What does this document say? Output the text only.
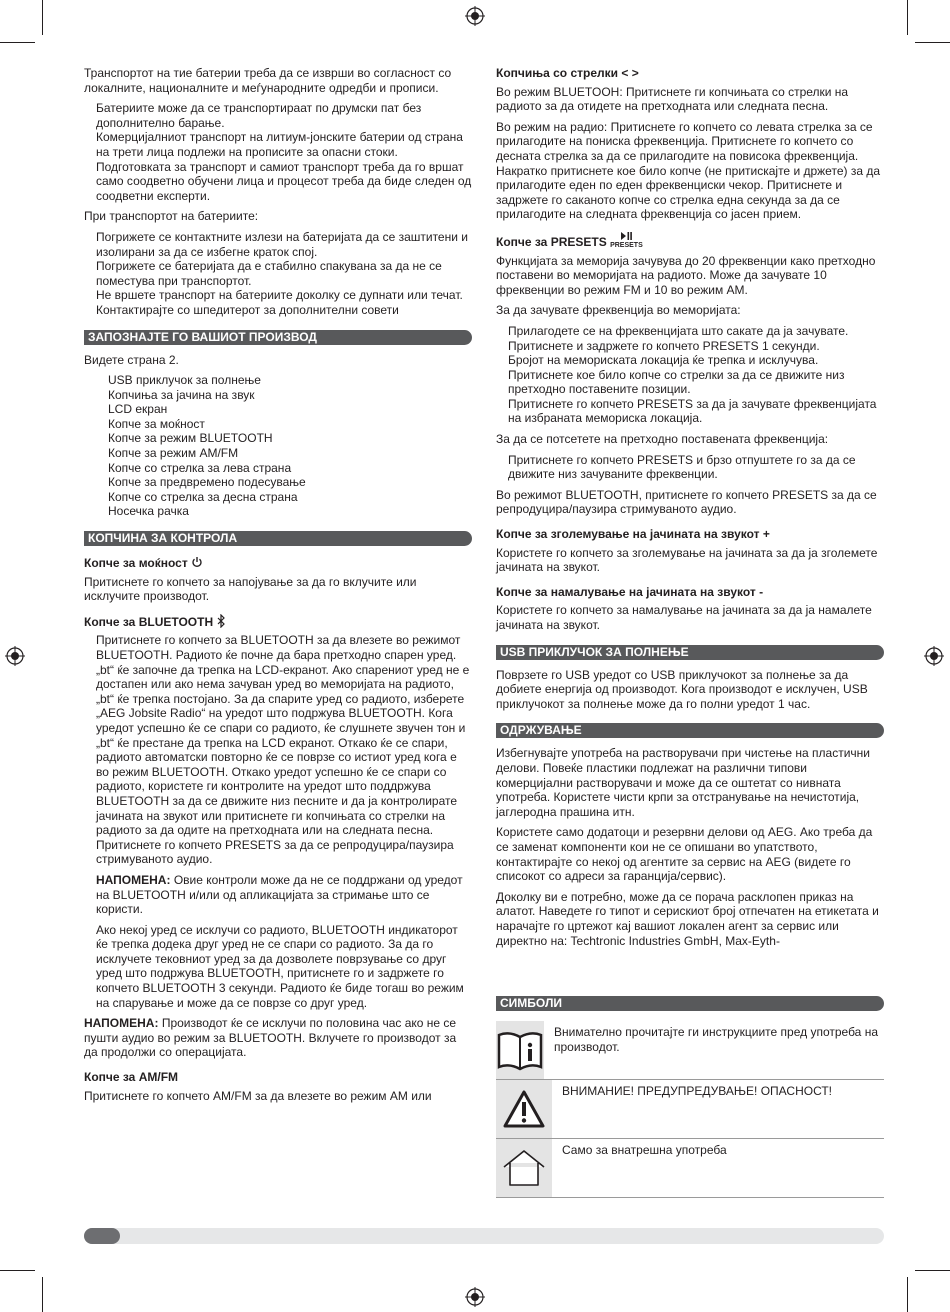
Транспортот на тие батерии треба да се изврши во согласност со локалните, националните и меѓународните одредби и прописи.

Батериите може да се транспортираат по друмски пат без дополнително барање.
Комерцијалниот транспорт на литиум-јонските батерии од страна на трети лица подлежи на прописите за опасни стоки. Подготовката за транспорт и самиот транспорт треба да го вршат само соодветно обучени лица и процесот треба да биде следен од соодветни експерти.

При транспортот на батериите:

Погрижете се контактните излези на батеријата да се заштитени и изолирани за да се избегне краток спој.
Погрижете се батеријата да е стабилно спакувана за да не се поместува при транспортот.
Не вршете транспорт на батериите доколку се дупнати или течат.
Контактирајте со шпедитерот за дополнителни совети
ЗАПОЗНАЈТЕ ГО ВАШИОТ ПРОИЗВОД

Видете страна 2.

USB приклучок за полнење
Копчиња за јачина на звук
LCD екран
Копче за моќност
Копче за режим BLUETOOTH
Копче за режим AM/FM
Копче со стрелка за лева страна
Копче за предвремено подесување
Копче со стрелка за десна страна
Носечка рачка
КОПЧИНА ЗА КОНТРОЛА
Копче за моќност

Притиснете го копчето за напојување за да го вклучите или исклучите производот.

Копче за BLUETOOTH

Притиснете го копчето за BLUETOOTH за да влезете во режимот BLUETOOTH. Радиото ќе почне да бара претходно спарен уред. „bt“ ќе започне да трепка на LCD-екранот. Ако спарениот уред не е достапен или ако нема зачуван уред во меморијата на радиото, „bt“ ќе трепка постојано. За да спарите уред со радиото, изберете „AEG Jobsite Radio“ на уредот што подржува BLUETOOTH. Кога уредот успешно ќе се спари со радиото, ќе слушнете звучен тон и „bt“ ќе престане да трепка на LCD екранот. Откако ќе се спари, радиото автоматски повторно ќе се поврзе со истиот уред кога е во режим BLUETOOTH. Откако уредот успешно ќе се спари со радиото, користете ги контролите на уредот што поддржува BLUETOOTH за да се движите низ песните и да ја контролирате јачината на звукот или притиснете ги копчињата со стрелки на радиото за да одите на претходната или на следната песна. Притиснете го копчето PRESETS за да се репродуцира/паузира стримуваното аудио.

НАПОМЕНА: Овие контроли може да не се поддржани од уредот на BLUETOOTH и/или од апликацијата за стримање што се користи.

Ако некој уред се исклучи со радиото, BLUETOOTH индикаторот ќе трепка додека друг уред не се спари со радиото. За да го исклучете тековниот уред за да дозволете поврзување со друг уред што подржува BLUETOOTH, притиснете го и задржете го копчето BLUETOOTH 3 секунди. Радиото ќе биде тогаш во режим на спарување и може да се поврзе со друг уред.

НАПОМЕНА: Производот ќе се исклучи по половина час ако не се пушти аудио во режим за BLUETOOTH. Вклучете го производот за да продолжи со операцијата.

Копче за AM/FM

Притиснете го копчето AM/FM за да влезете во режим AM или

Копчиња со стрелки < >

Во режим BLUETOOH: Притиснете ги копчињата со стрелки на радиото за да отидете на претходната или следната песна.

Во режим на радио: Притиснете го копчето со левата стрелка за се прилагодите на пониска фреквенција. Притиснете го копчето со десната стрелка за да се прилагодите на повисока фреквенција. Накратко притиснете кое било копче (не притискајте и држете) за да прилагодите еден по еден фреквенциски чекор. Притиснете и задржете го саканото копче со стрелка една секунда за да се прилагодите на следната фреквенција со јасен прием.

Копче за PRESETS PRESETS

Функцијата за меморија зачувува до 20 фреквенции како претходно поставени во меморијата на радиото. Може да зачувате 10 фреквенции во режим FM и 10 во режим AM.

За да зачувате фреквенција во меморијата:

Прилагодете се на фреквенцијата што сакате да ја зачувате.
Притиснете и задржете го копчето PRESETS 1 секунди.
Бројот на мемориската локација ќе трепка и исклучува.
Притиснете кое било копче со стрелки за да се движите низ претходно поставените позиции.
Притиснете го копчето PRESETS за да ја зачувате фреквенцијата на избраната мемориска локација.

За да се потсетете на претходно поставената фреквенција:

Притиснете го копчето PRESETS и брзо отпуштете го за да се движите низ зачуваните фреквенции.

Во режимот BLUETOOTH, притиснете го копчето PRESETS за да се репродуцира/паузира стримуваното аудио.

Копче за зголемување на јачината на звукот +

Користете го копчето за зголемување на јачината за да ја зголемете јачината на звукот.

Копче за намалување на јачината на звукот -

Користете го копчето за намалување на јачината за да ја намалете јачината на звукот.

USB ПРИКЛУЧОК ЗА ПОЛНЕЊЕ

Поврзете го USB уредот со USB приклучокот за полнење за да добиете енергија од производот. Кога производот е исклучен, USB приклучокот за полнење може да го полни уредот 1 час.

ОДРЖУВАЊЕ

Избегнувајте употреба на растворувачи при чистење на пластични делови. Повеќе пластики подлежат на различни типови комерцијални растворувачи и може да се оштетат со нивната употреба. Користете чисти крпи за отстранување на нечистотија, јаглеродна прашина итн.

Користете само додатоци и резервни делови од AEG. Ако треба да се заменат компоненти кои не се опишани во упатството, контактирајте со некој од агентите за сервис на AEG (видете го списокот со адреси за гаранција/сервис).

Доколку ви е потребно, може да се порача расклопен приказ на алатот. Наведете го типот и серискиот број отпечатен на етикетата и нарачајте го цртежот кај вашиот локален агент за сервис или директно на: Techtronic Industries GmbH, Max-Eyth-

СИМБОЛИ
Внимателно прочитајте ги инструкциите пред употреба на производот.
ВНИМАНИЕ! ПРЕДУПРЕДУВАЊЕ! ОПАСНОСТ!
Само за внатрешна употреба
